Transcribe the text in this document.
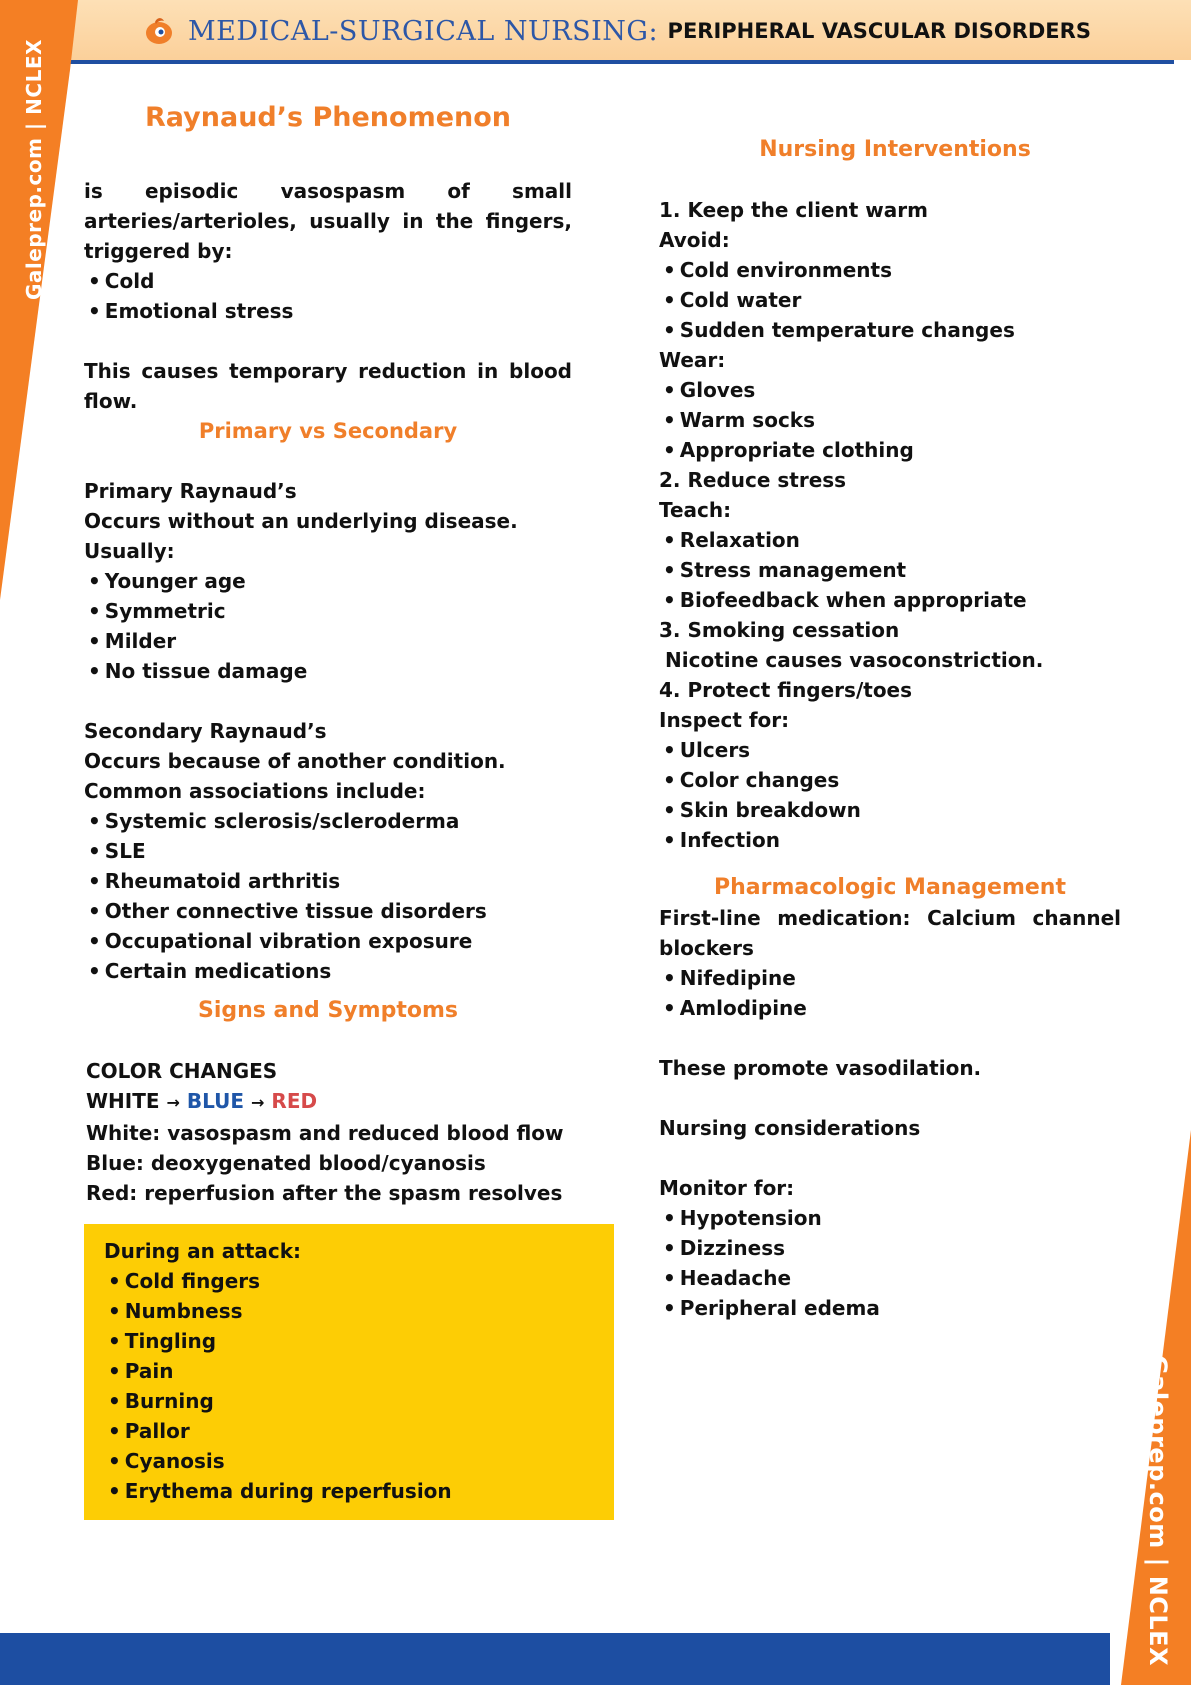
MEDICAL-SURGICAL NURSING : PERIPHERAL VASCULAR DISORDERS
Galeprep.com | NCLEX
Galeprep.com | NCLEX
Raynaud’s Phenomenon
is episodic vasospasm of small arteries/arterioles, usually in the fingers, triggered by:
• Cold
• Emotional stress
This causes temporary reduction in blood flow.
Primary vs Secondary
Primary Raynaud’s
Occurs without an underlying disease.
Usually:
• Younger age
• Symmetric
• Milder
• No tissue damage
Secondary Raynaud’s
Occurs because of another condition.
Common associations include:
• Systemic sclerosis/scleroderma
• SLE
• Rheumatoid arthritis
• Other connective tissue disorders
• Occupational vibration exposure
• Certain medications
Signs and Symptoms
COLOR CHANGES
WHITE → BLUE → RED
White: vasospasm and reduced blood flow
Blue: deoxygenated blood/cyanosis
Red: reperfusion after the spasm resolves
During an attack:
• Cold fingers
• Numbness
• Tingling
• Pain
• Burning
• Pallor
• Cyanosis
• Erythema during reperfusion
Nursing Interventions
1. Keep the client warm
Avoid:
• Cold environments
• Cold water
• Sudden temperature changes
Wear:
• Gloves
• Warm socks
• Appropriate clothing
2. Reduce stress
Teach:
• Relaxation
• Stress management
• Biofeedback when appropriate
3. Smoking cessation
Nicotine causes vasoconstriction.
4. Protect fingers/toes
Inspect for:
• Ulcers
• Color changes
• Skin breakdown
• Infection
Pharmacologic Management
First-line medication: Calcium channel blockers
• Nifedipine
• Amlodipine
These promote vasodilation.
Nursing considerations
Monitor for:
• Hypotension
• Dizziness
• Headache
• Peripheral edema
